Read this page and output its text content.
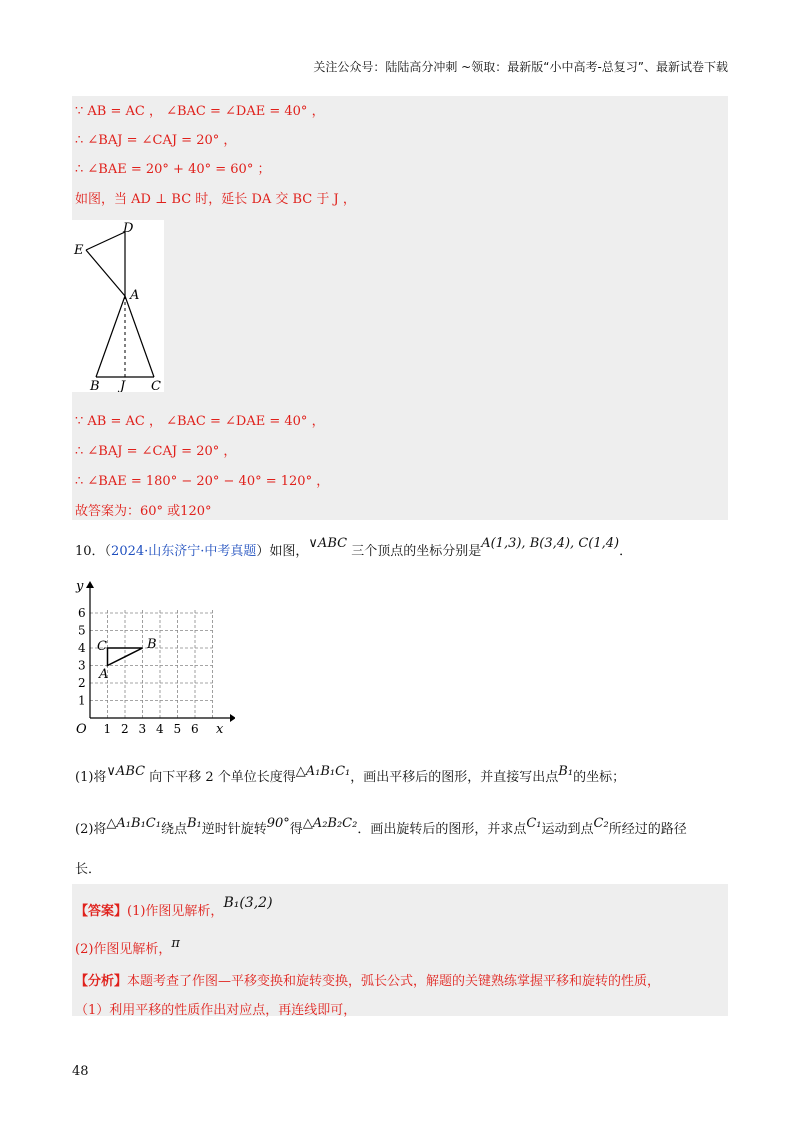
关注公众号：陆陆高分冲刺 ~领取：最新版“小中高考-总复习”、最新试卷下载
∵ AB = AC ， ∠BAC = ∠DAE = 40° ，
∴ ∠BAJ = ∠CAJ = 20° ，
∴ ∠BAE = 20° + 40° = 60° ；
如图，当 AD ⊥ BC 时，延长 DA 交 BC 于 J ，
D
E
A
B J C
∵ AB = AC ， ∠BAC = ∠DAE = 40° ，
∴ ∠BAJ = ∠CAJ = 20° ，
∴ ∠BAE = 180° − 20° − 40° = 120° ，
故答案为：60° 或120°
10．（2024·山东济宁·中考真题）如图，∨ABC 三个顶点的坐标分别是A(1,3), B(3,4), C(1,4)．
1 2 3 4 5 6
1
2
3
4
5
6
O	x
y
C	B
A
(1)将∨ABC 向下平移 2 个单位长度得△A₁B₁C₁，画出平移后的图形，并直接写出点B₁的坐标；
(2)将△A₁B₁C₁绕点B₁逆时针旋转90°得△A₂B₂C₂．画出旋转后的图形，并求点C₁运动到点C₂所经过的路径
长．
【答案】(1)作图见解析，B₁(3,2)
(2)作图见解析，π
【分析】本题考查了作图—平移变换和旋转变换，弧长公式，解题的关键熟练掌握平移和旋转的性质，
（1）利用平移的性质作出对应点，再连线即可，
48
